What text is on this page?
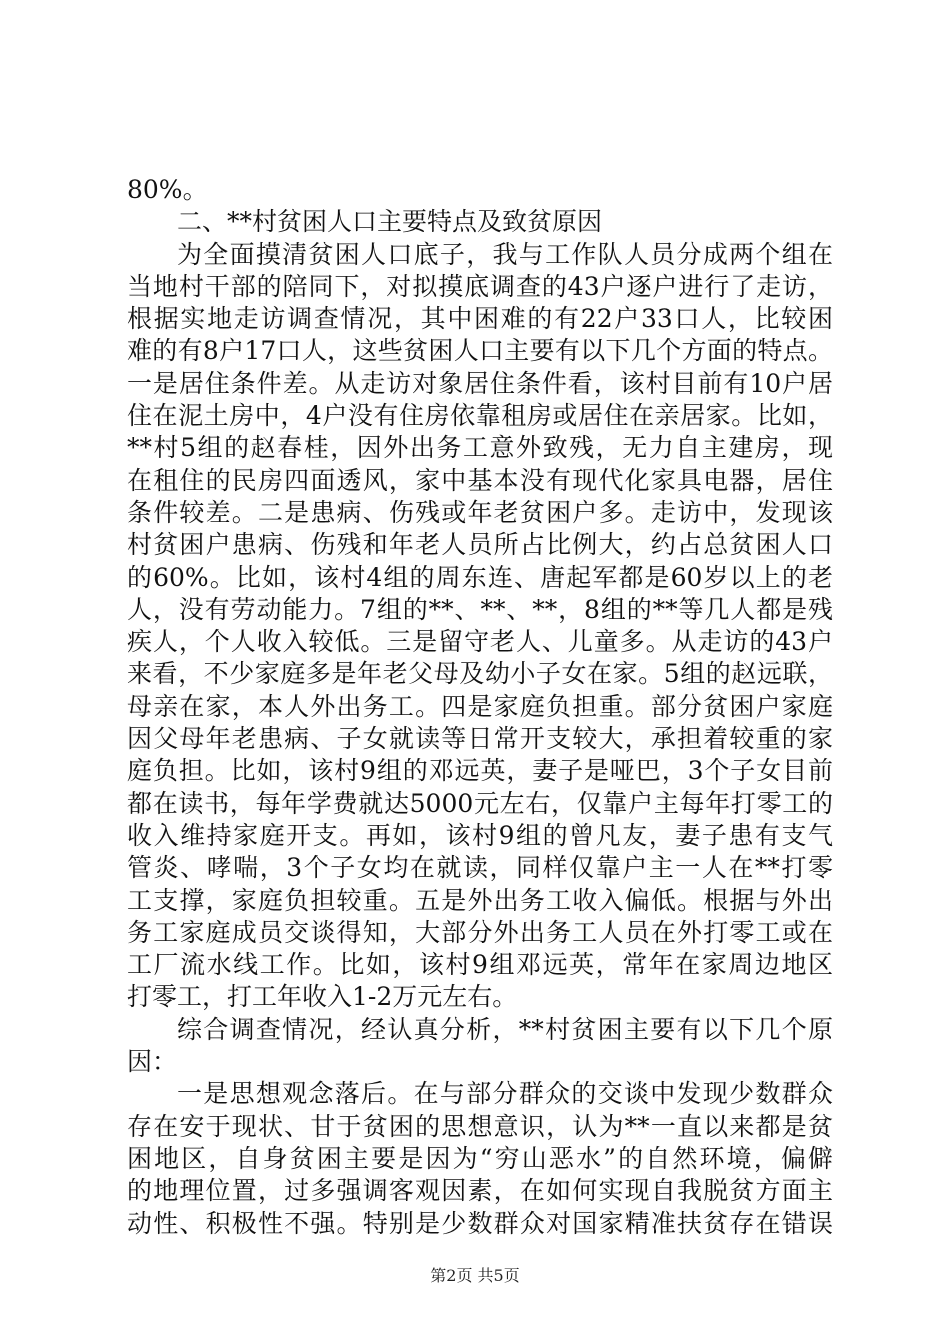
80%。
二、**村贫困人口主要特点及致贫原因
为全面摸清贫困人口底子，我与工作队人员分成两个组在
当地村干部的陪同下，对拟摸底调查的43户逐户进行了走访，
根据实地走访调查情况，其中困难的有22户33口人，比较困
难的有8户17口人，这些贫困人口主要有以下几个方面的特点。
一是居住条件差。从走访对象居住条件看，该村目前有10户居
住在泥土房中，4户没有住房依靠租房或居住在亲居家。比如，
**村5组的赵春桂，因外出务工意外致残，无力自主建房，现
在租住的民房四面透风，家中基本没有现代化家具电器，居住
条件较差。二是患病、伤残或年老贫困户多。走访中，发现该
村贫困户患病、伤残和年老人员所占比例大，约占总贫困人口
的60%。比如，该村4组的周东连、唐起军都是60岁以上的老
人，没有劳动能力。7组的**、**、**，8组的**等几人都是残
疾人，个人收入较低。三是留守老人、儿童多。从走访的43户
来看，不少家庭多是年老父母及幼小子女在家。5组的赵远联，
母亲在家，本人外出务工。四是家庭负担重。部分贫困户家庭
因父母年老患病、子女就读等日常开支较大，承担着较重的家
庭负担。比如，该村9组的邓远英，妻子是哑巴，3个子女目前
都在读书，每年学费就达5000元左右，仅靠户主每年打零工的
收入维持家庭开支。再如，该村9组的曾凡友，妻子患有支气
管炎、哮喘，3个子女均在就读，同样仅靠户主一人在**打零
工支撑，家庭负担较重。五是外出务工收入偏低。根据与外出
务工家庭成员交谈得知，大部分外出务工人员在外打零工或在
工厂流水线工作。比如，该村9组邓远英，常年在家周边地区
打零工，打工年收入1-2万元左右。
综合调查情况，经认真分析，**村贫困主要有以下几个原
因：
一是思想观念落后。在与部分群众的交谈中发现少数群众
存在安于现状、甘于贫困的思想意识，认为**一直以来都是贫
困地区，自身贫困主要是因为“穷山恶水”的自然环境，偏僻
的地理位置，过多强调客观因素，在如何实现自我脱贫方面主
动性、积极性不强。特别是少数群众对国家精准扶贫存在错误
第2页 共5页
